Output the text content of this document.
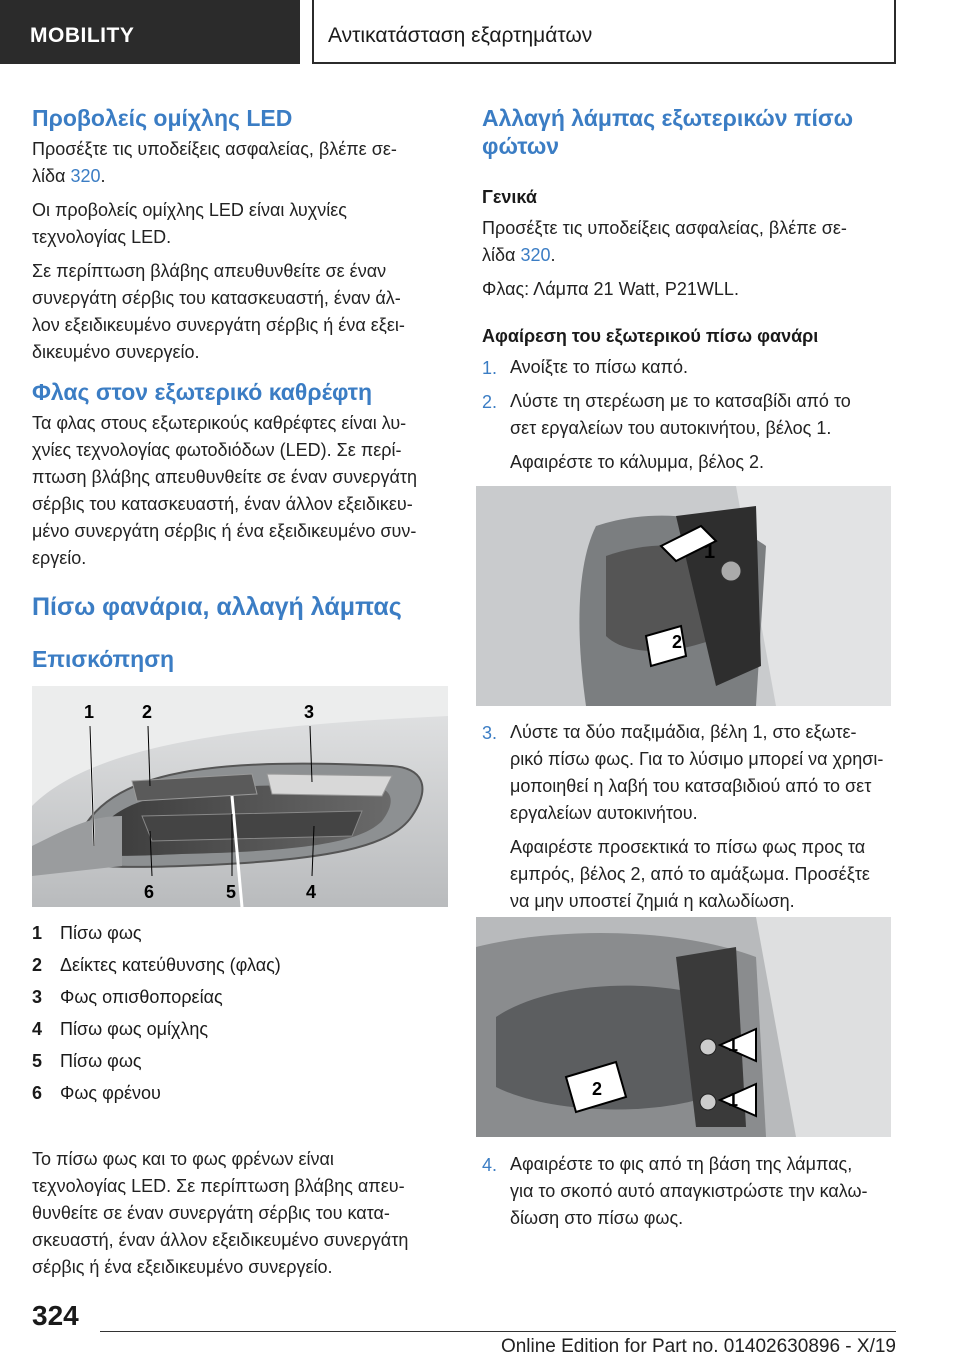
MOBILITY	Αντικατάσταση εξαρτημάτων
Προβολείς ομίχλης LED
Προσέξτε τις υποδείξεις ασφαλείας, βλέπε σε-
λίδα 320.
Οι προβολείς ομίχλης LED είναι λυχνίες
τεχνολογίας LED.
Σε περίπτωση βλάβης απευθυνθείτε σε έναν
συνεργάτη σέρβις του κατασκευαστή, έναν άλ-
λον εξειδικευμένο συνεργάτη σέρβις ή ένα εξει-
δικευμένο συνεργείο.
Φλας στον εξωτερικό καθρέφτη
Τα φλας στους εξωτερικούς καθρέφτες είναι λυ-
χνίες τεχνολογίας φωτοδιόδων (LED). Σε περί-
πτωση βλάβης απευθυνθείτε σε έναν συνεργάτη
σέρβις του κατασκευαστή, έναν άλλον εξειδικευ-
μένο συνεργάτη σέρβις ή ένα εξειδικευμένο συν-
εργείο.
Πίσω φανάρια, αλλαγή λάμπας
Επισκόπηση
1	2	3
6	5	4
1 Πίσω φως
2 Δείκτες κατεύθυνσης (φλας)
3 Φως οπισθοπορείας
4 Πίσω φως ομίχλης
5 Πίσω φως
6 Φως φρένου
Το πίσω φως και το φως φρένων είναι
τεχνολογίας LED. Σε περίπτωση βλάβης απευ-
θυνθείτε σε έναν συνεργάτη σέρβις του κατα-
σκευαστή, έναν άλλον εξειδικευμένο συνεργάτη
σέρβις ή ένα εξειδικευμένο συνεργείο.
Αλλαγή λάμπας εξωτερικών πίσω
φώτων
Γενικά
Προσέξτε τις υποδείξεις ασφαλείας, βλέπε σε-
λίδα 320.
Φλας: Λάμπα 21 Watt, P21WLL.
Αφαίρεση του εξωτερικού πίσω φανάρι
1. Ανοίξτε το πίσω καπό.
2. Λύστε τη στερέωση με το κατσαβίδι από το
σετ εργαλείων του αυτοκινήτου, βέλος 1.
Αφαιρέστε το κάλυμμα, βέλος 2.
1
2
3. Λύστε τα δύο παξιμάδια, βέλη 1, στο εξωτε-
ρικό πίσω φως. Για το λύσιμο μπορεί να χρησι-
μοποιηθεί η λαβή του κατσαβιδιού από το σετ
εργαλείων αυτοκινήτου.
Αφαιρέστε προσεκτικά το πίσω φως προς τα
εμπρός, βέλος 2, από το αμάξωμα. Προσέξτε
να μην υποστεί ζημιά η καλωδίωση.
1
1
2
4. Αφαιρέστε το φις από τη βάση της λάμπας,
για το σκοπό αυτό απαγκιστρώστε την καλω-
δίωση στο πίσω φως.
324
Online Edition for Part no. 01402630896 - X/19
